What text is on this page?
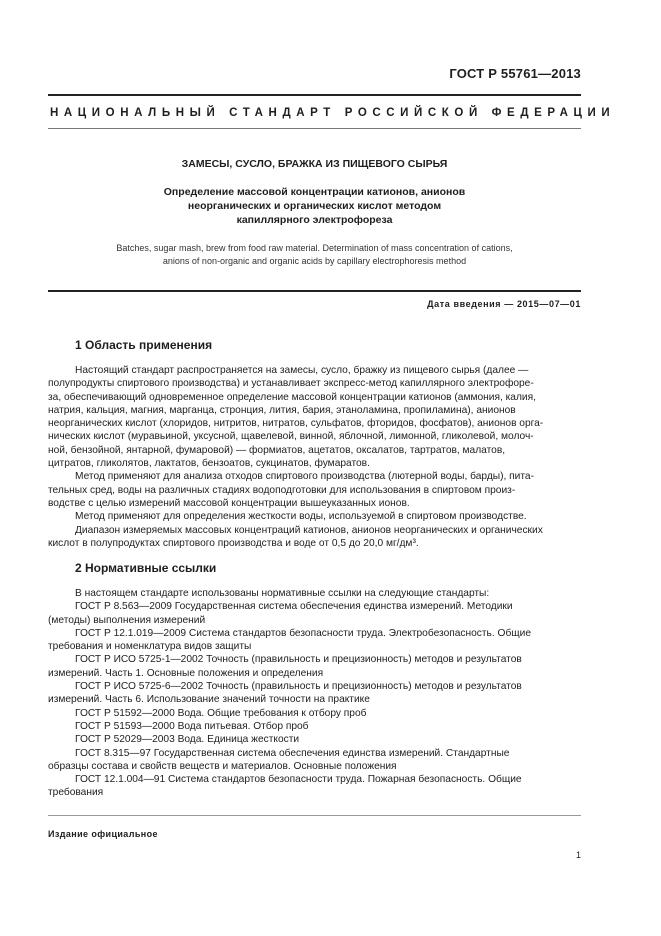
ГОСТ Р 55761—2013
НАЦИОНАЛЬНЫЙ СТАНДАРТ РОССИЙСКОЙ ФЕДЕРАЦИИ
ЗАМЕСЫ, СУСЛО, БРАЖКА ИЗ ПИЩЕВОГО СЫРЬЯ
Определение массовой концентрации катионов, анионов
неорганических и органических кислот методом
капиллярного электрофореза
Batches, sugar mash, brew from food raw material. Determination of mass concentration of cations,
anions of non-organic and organic acids by capillary electrophoresis method
Дата введения — 2015—07—01
1 Область применения
Настоящий стандарт распространяется на замесы, сусло, бражку из пищевого сырья (далее —
полупродукты спиртового производства) и устанавливает экспресс-метод капиллярного электрофоре-
за, обеспечивающий одновременное определение массовой концентрации катионов (аммония, калия,
натрия, кальция, магния, марганца, стронция, лития, бария, этаноламина, пропиламина), анионов
неорганических кислот (хлоридов, нитритов, нитратов, сульфатов, фторидов, фосфатов), анионов орга-
нических кислот (муравьиной, уксусной, щавелевой, винной, яблочной, лимонной, гликолевой, молоч-
ной, бензойной, янтарной, фумаровой) — формиатов, ацетатов, оксалатов, тартратов, малатов,
цитратов, гликолятов, лактатов, бензоатов, сукцинатов, фумаратов.
Метод применяют для анализа отходов спиртового производства (лютерной воды, барды), пита-
тельных сред, воды на различных стадиях водоподготовки для использования в спиртовом произ-
водстве с целью измерений массовой концентрации вышеуказанных ионов.
Метод применяют для определения жесткости воды, используемой в спиртовом производстве.
Диапазон измеряемых массовых концентраций катионов, анионов неорганических и органических
кислот в полупродуктах спиртового производства и воде от 0,5 до 20,0 мг/дм³.
2 Нормативные ссылки
В настоящем стандарте использованы нормативные ссылки на следующие стандарты:
ГОСТ Р 8.563—2009 Государственная система обеспечения единства измерений. Методики
(методы) выполнения измерений
ГОСТ Р 12.1.019—2009 Система стандартов безопасности труда. Электробезопасность. Общие
требования и номенклатура видов защиты
ГОСТ Р ИСО 5725-1—2002 Точность (правильность и прецизионность) методов и результатов
измерений. Часть 1. Основные положения и определения
ГОСТ Р ИСО 5725-6—2002 Точность (правильность и прецизионность) методов и результатов
измерений. Часть 6. Использование значений точности на практике
ГОСТ Р 51592—2000 Вода. Общие требования к отбору проб
ГОСТ Р 51593—2000 Вода питьевая. Отбор проб
ГОСТ Р 52029—2003 Вода. Единица жесткости
ГОСТ 8.315—97 Государственная система обеспечения единства измерений. Стандартные
образцы состава и свойств веществ и материалов. Основные положения
ГОСТ 12.1.004—91 Система стандартов безопасности труда. Пожарная безопасность. Общие
требования
Издание официальное
1
